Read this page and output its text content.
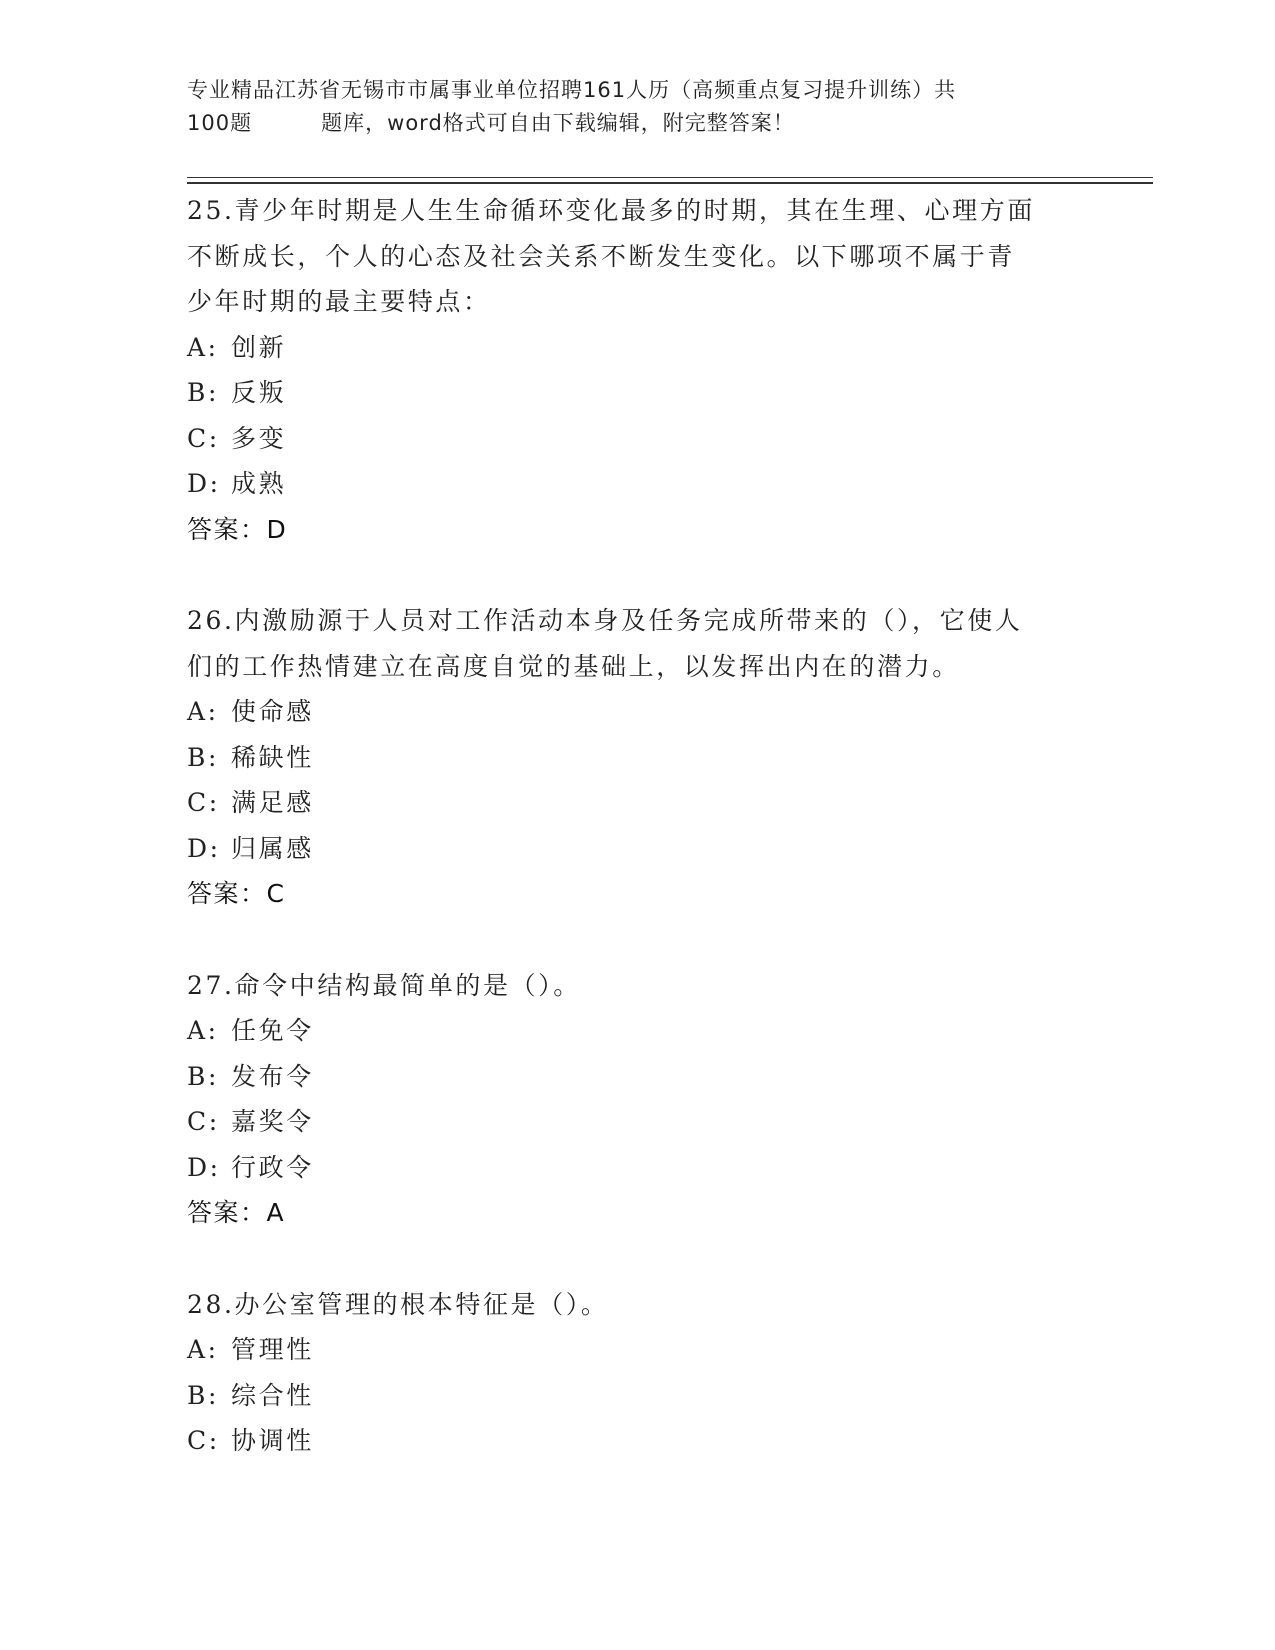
专业精品江苏省无锡市市属事业单位招聘161人历（高频重点复习提升训练）共
100题         题库，word格式可自由下载编辑，附完整答案！
25.青少年时期是人生生命循环变化最多的时期，其在生理、心理方面
不断成长，个人的心态及社会关系不断发生变化。以下哪项不属于青
少年时期的最主要特点：
A: 创新
B: 反叛
C: 多变
D: 成熟
答案：D
26.内激励源于人员对工作活动本身及任务完成所带来的（），它使人
们的工作热情建立在高度自觉的基础上，以发挥出内在的潜力。
A: 使命感
B: 稀缺性
C: 满足感
D: 归属感
答案：C
27.命令中结构最简单的是（）。
A: 任免令
B: 发布令
C: 嘉奖令
D: 行政令
答案：A
28.办公室管理的根本特征是（）。
A: 管理性
B: 综合性
C: 协调性
